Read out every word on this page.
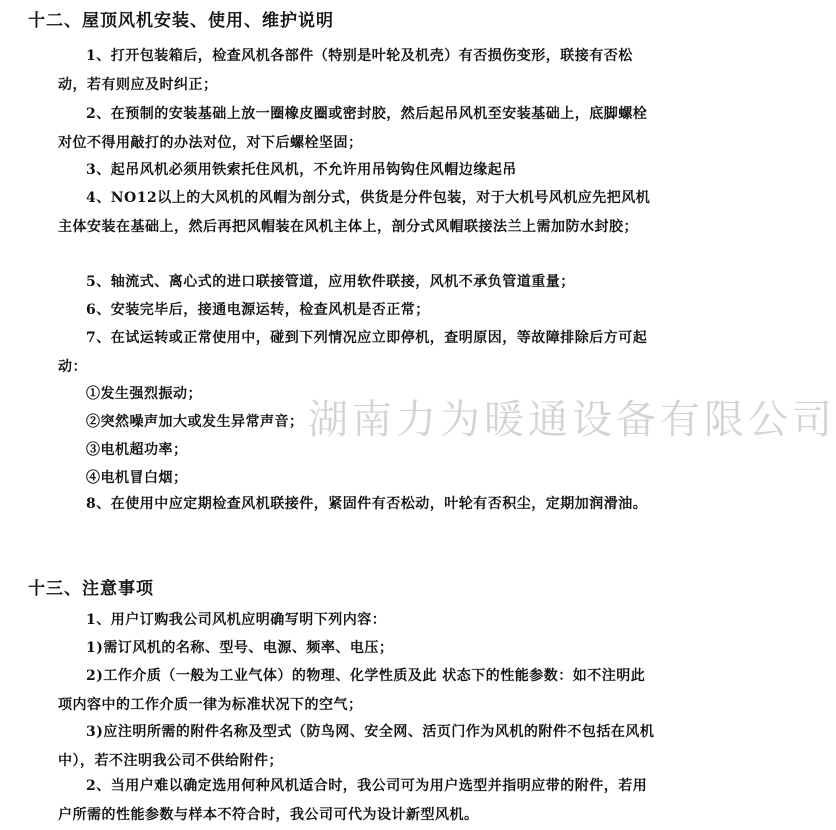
十二、屋顶风机安装、使用、维护说明

1、打开包装箱后，检查风机各部件（特别是叶轮及机壳）有否损伤变形，联接有否松动，若有则应及时纠正；

2、在预制的安装基础上放一圈橡皮圈或密封胶，然后起吊风机至安装基础上，底脚螺栓对位不得用敲打的办法对位，对下后螺栓坚固；

3、起吊风机必须用铁索托住风机，不允许用吊钩钩住风帽边缘起吊

4、NO12以上的大风机的风帽为剖分式，供货是分件包装，对于大机号风机应先把风机主体安装在基础上，然后再把风帽装在风机主体上，剖分式风帽联接法兰上需加防水封胶；

5、轴流式、离心式的进口联接管道，应用软件联接，风机不承负管道重量；

6、安装完毕后，接通电源运转，检查风机是否正常；

7、在试运转或正常使用中，碰到下列情况应立即停机，查明原因，等故障排除后方可起动：

①发生强烈振动；

②突然噪声加大或发生异常声音；

③电机超功率；

④电机冒白烟；

8、在使用中应定期检查风机联接件，紧固件有否松动，叶轮有否积尘，定期加润滑油。

十三、注意事项

1、用户订购我公司风机应明确写明下列内容：

1)需订风机的名称、型号、电源、频率、电压；

2)工作介质（一般为工业气体）的物理、化学性质及此 状态下的性能参数：如不注明此项内容中的工作介质一律为标准状况下的空气；

3)应注明所需的附件名称及型式（防鸟网、安全网、活页门作为风机的附件不包括在风机中），若不注明我公司不供给附件；

2、当用户难以确定选用何种风机适合时，我公司可为用户选型并指明应带的附件，若用户所需的性能参数与样本不符合时，我公司可代为设计新型风机。

湖南力为暖通设备有限公司
